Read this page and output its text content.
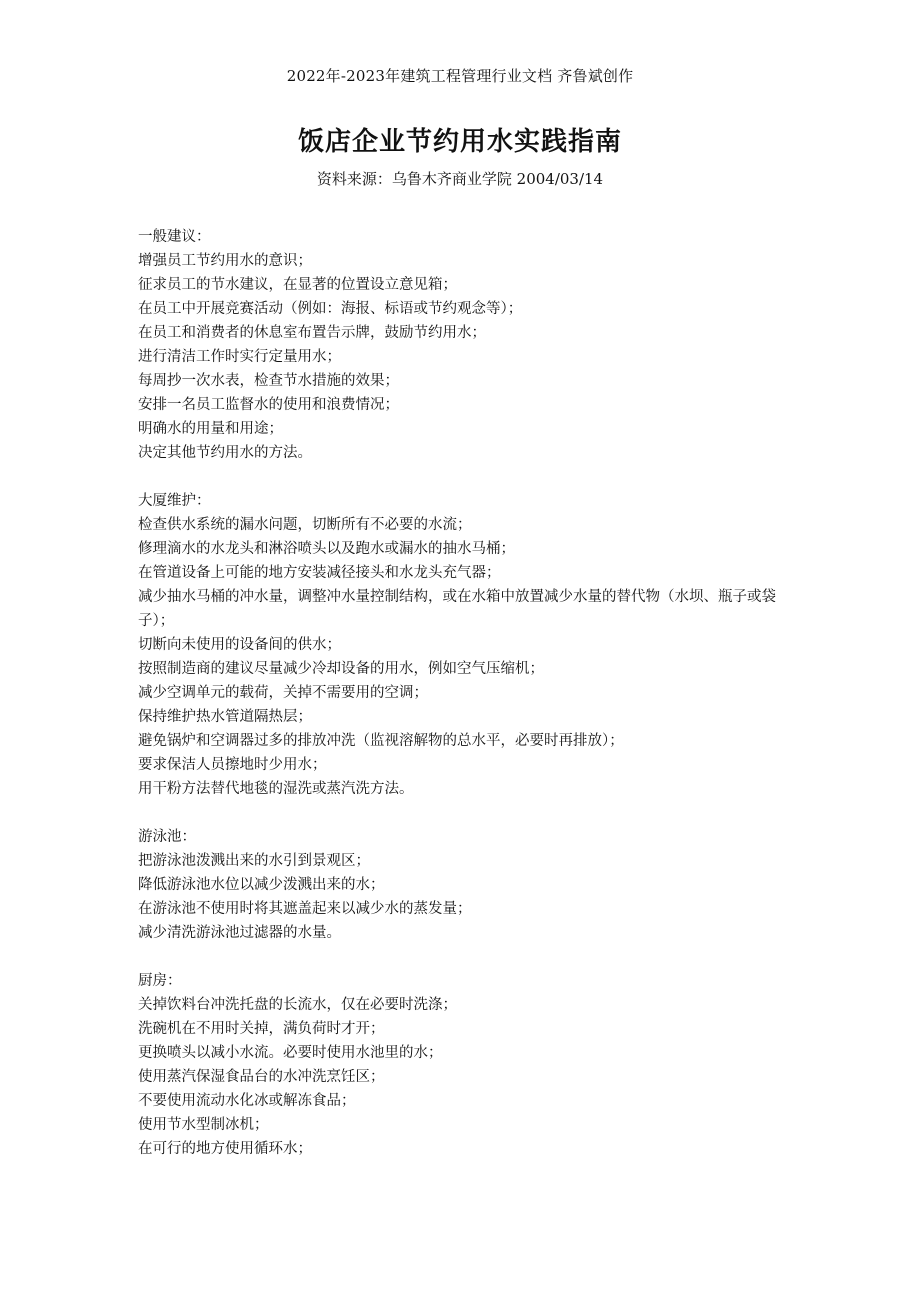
2022年-2023年建筑工程管理行业文档 齐鲁斌创作
饭店企业节约用水实践指南
资料来源：乌鲁木齐商业学院 2004/03/14

一般建议：

增强员工节约用水的意识；

征求员工的节水建议，在显著的位置设立意见箱；

在员工中开展竞赛活动（例如：海报、标语或节约观念等）；

在员工和消费者的休息室布置告示牌，鼓励节约用水；

进行清洁工作时实行定量用水；

每周抄一次水表，检查节水措施的效果；

安排一名员工监督水的使用和浪费情况；

明确水的用量和用途；

决定其他节约用水的方法。

大厦维护：

检查供水系统的漏水问题，切断所有不必要的水流；

修理滴水的水龙头和淋浴喷头以及跑水或漏水的抽水马桶；

在管道设备上可能的地方安装减径接头和水龙头充气器；

减少抽水马桶的冲水量，调整冲水量控制结构，或在水箱中放置减少水量的替代物（水坝、瓶子或袋子）；

切断向未使用的设备间的供水；

按照制造商的建议尽量减少冷却设备的用水，例如空气压缩机；

减少空调单元的载荷，关掉不需要用的空调；

保持维护热水管道隔热层；

避免锅炉和空调器过多的排放冲洗（监视溶解物的总水平，必要时再排放）；

要求保洁人员擦地时少用水；

用干粉方法替代地毯的湿洗或蒸汽洗方法。

游泳池：

把游泳池泼溅出来的水引到景观区；

降低游泳池水位以减少泼溅出来的水；

在游泳池不使用时将其遮盖起来以减少水的蒸发量；

减少清洗游泳池过滤器的水量。

厨房：

关掉饮料台冲洗托盘的长流水，仅在必要时洗涤；

洗碗机在不用时关掉，满负荷时才开；

更换喷头以减小水流。必要时使用水池里的水；

使用蒸汽保湿食品台的水冲洗烹饪区；

不要使用流动水化冰或解冻食品；

使用节水型制冰机；

在可行的地方使用循环水；
